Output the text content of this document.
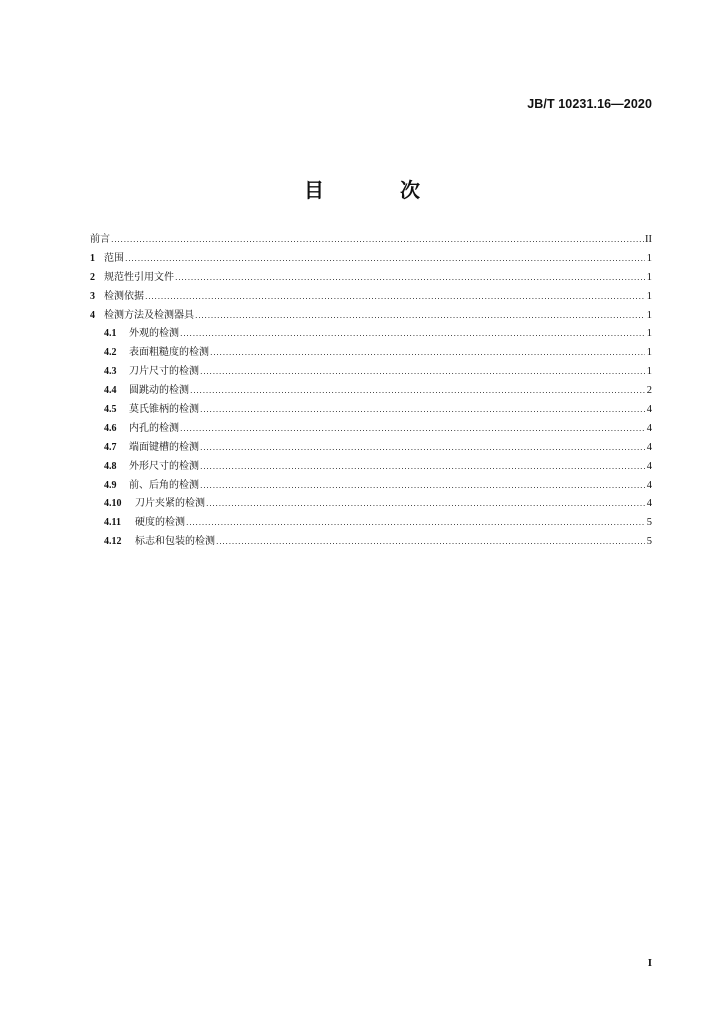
JB/T 10231.16—2020
目　次
前言 .....	II
1 范围 .....	1
2 规范性引用文件 .....	1
3 检测依据 .....	1
4 检测方法及检测器具 .....	1
4.1	外观的检测 .....	1
4.2	表面粗糙度的检测 .....	1
4.3	刀片尺寸的检测 .....	1
4.4	圆跳动的检测 .....	2
4.5	莫氏锥柄的检测 .....	4
4.6	内孔的检测 .....	4
4.7	端面键槽的检测 .....	4
4.8	外形尺寸的检测 .....	4
4.9	前、后角的检测 .....	4
4.10	刀片夹紧的检测 .....	4
4.11	硬度的检测 .....	5
4.12	标志和包装的检测 .....	5
I
